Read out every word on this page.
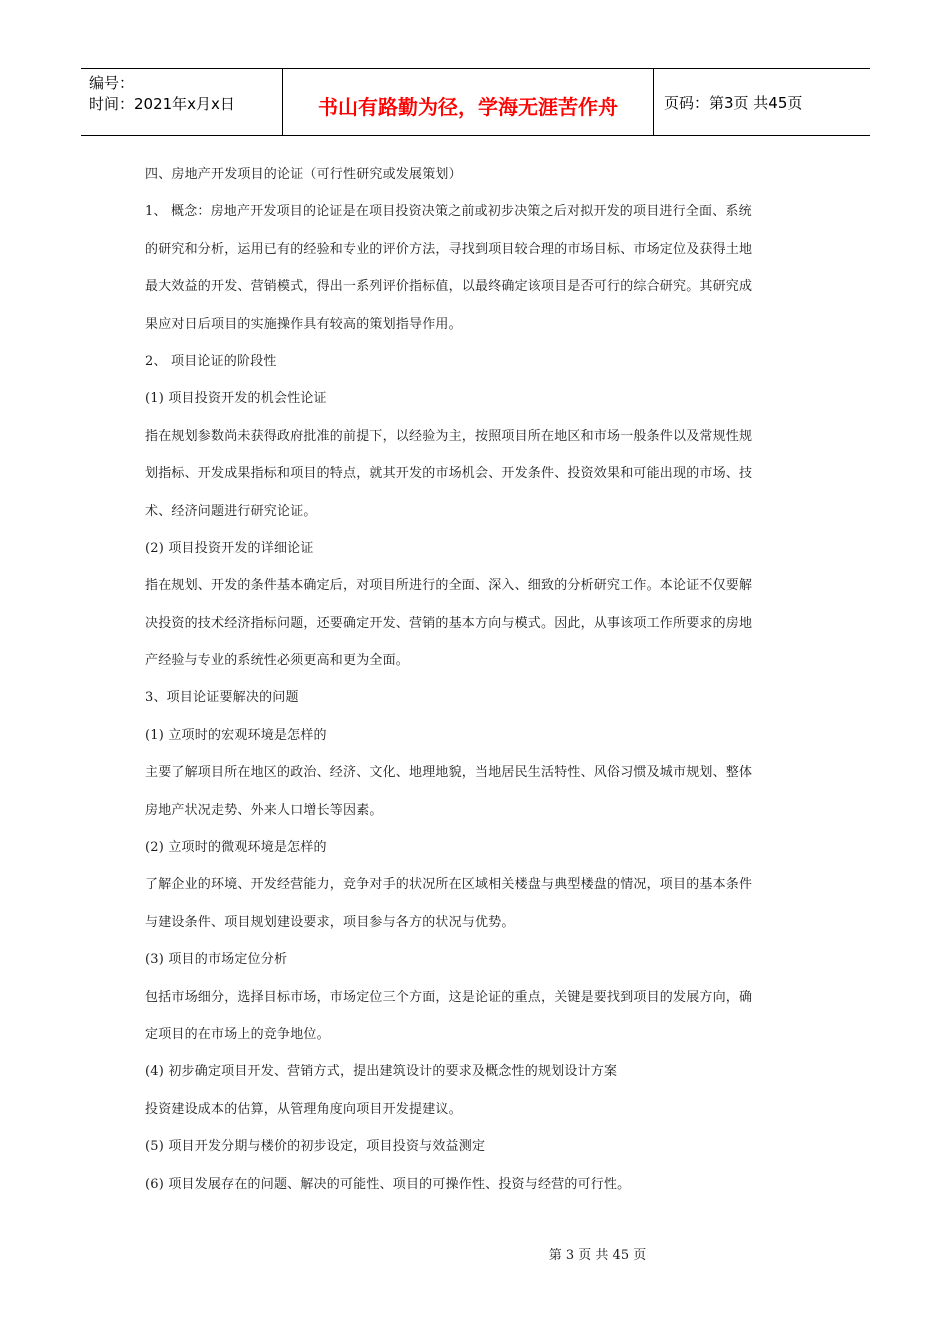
编号：
时间：2021年x月x日	书山有路勤为径，学海无涯苦作舟	页码：第3页 共45页
四、房地产开发项目的论证（可行性研究或发展策划）
1、 概念：房地产开发项目的论证是在项目投资决策之前或初步决策之后对拟开发的项目进行全面、系统
的研究和分析，运用已有的经验和专业的评价方法，寻找到项目较合理的市场目标、市场定位及获得土地
最大效益的开发、营销模式，得出一系列评价指标值，以最终确定该项目是否可行的综合研究。其研究成
果应对日后项目的实施操作具有较高的策划指导作用。
2、 项目论证的阶段性
(1) 项目投资开发的机会性论证
指在规划参数尚未获得政府批准的前提下，以经验为主，按照项目所在地区和市场一般条件以及常规性规
划指标、开发成果指标和项目的特点，就其开发的市场机会、开发条件、投资效果和可能出现的市场、技
术、经济问题进行研究论证。
(2) 项目投资开发的详细论证
指在规划、开发的条件基本确定后，对项目所进行的全面、深入、细致的分析研究工作。本论证不仅要解
决投资的技术经济指标问题，还要确定开发、营销的基本方向与模式。因此，从事该项工作所要求的房地
产经验与专业的系统性必须更高和更为全面。
3、项目论证要解决的问题
(1) 立项时的宏观环境是怎样的
主要了解项目所在地区的政治、经济、文化、地理地貌，当地居民生活特性、风俗习惯及城市规划、整体
房地产状况走势、外来人口增长等因素。
(2) 立项时的微观环境是怎样的
了解企业的环境、开发经营能力，竞争对手的状况所在区域相关楼盘与典型楼盘的情况，项目的基本条件
与建设条件、项目规划建设要求，项目参与各方的状况与优势。
(3) 项目的市场定位分析
包括市场细分，选择目标市场，市场定位三个方面，这是论证的重点，关键是要找到项目的发展方向，确
定项目的在市场上的竞争地位。
(4) 初步确定项目开发、营销方式，提出建筑设计的要求及概念性的规划设计方案
投资建设成本的估算，从管理角度向项目开发提建议。
(5) 项目开发分期与楼价的初步设定，项目投资与效益测定
(6) 项目发展存在的问题、解决的可能性、项目的可操作性、投资与经营的可行性。
第 3 页 共 45 页
